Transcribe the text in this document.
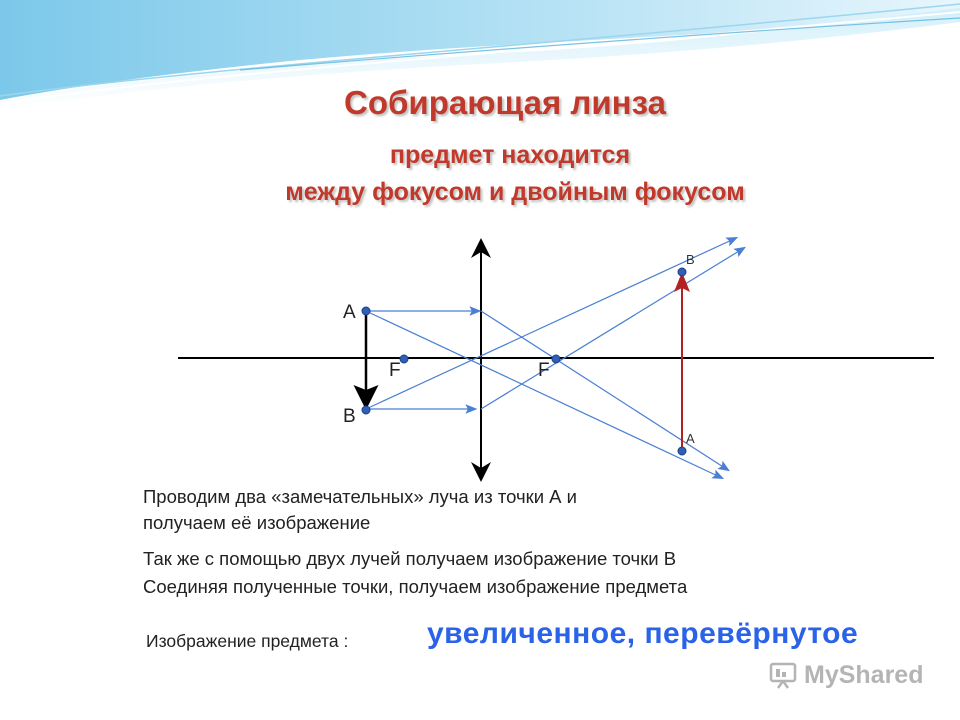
Собирающая линза
предмет находится
между фокусом и двойным фокусом
A
B
F	F
B
A
Проводим два «замечательных» луча из точки А и
получаем её изображение
Так же с помощью двух лучей получаем изображение точки В
Соединяя полученные точки, получаем изображение предмета
Изображение предмета :	увеличенное, перевёрнутое
MyShared
